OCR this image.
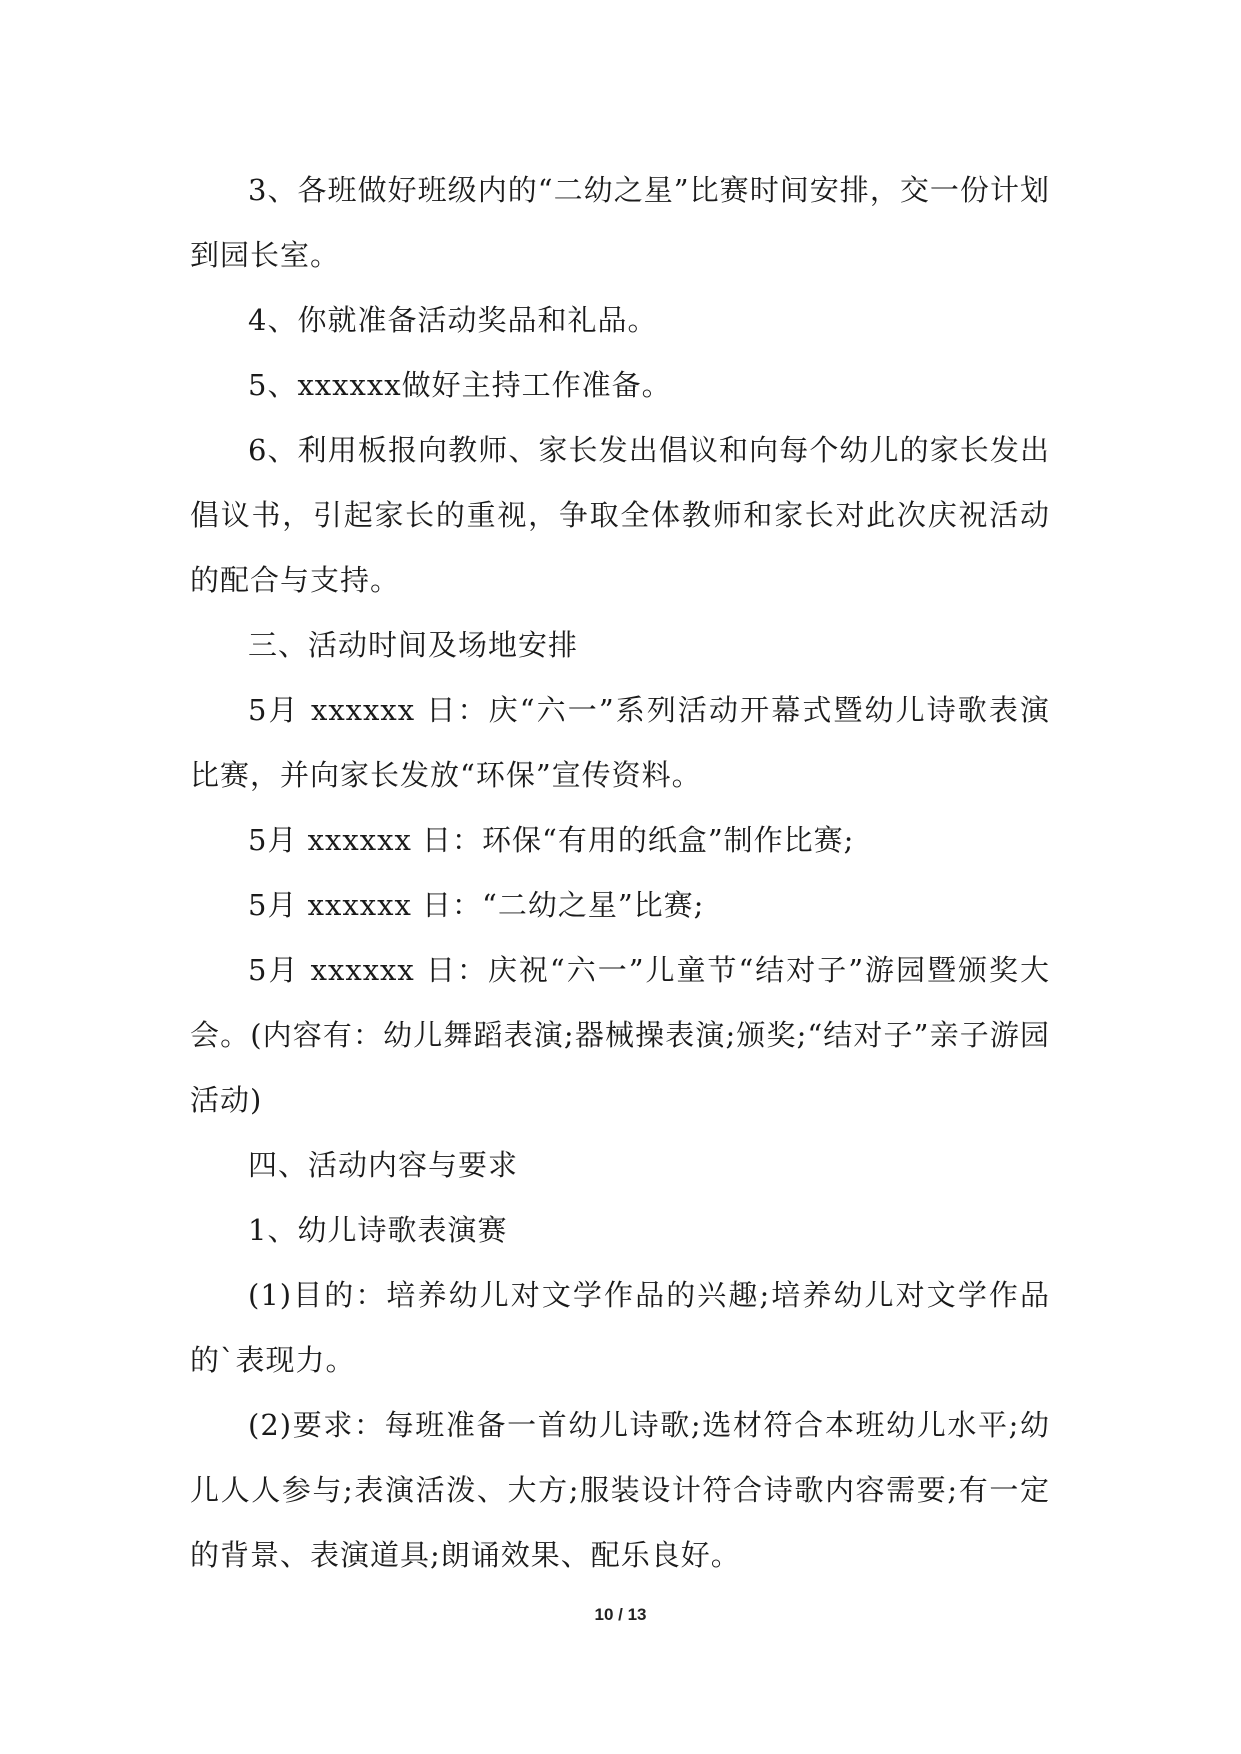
3、各班做好班级内的“二幼之星”比赛时间安排，交一份计划到园长室。

4、你就准备活动奖品和礼品。

5、xxxxxx做好主持工作准备。

6、利用板报向教师、家长发出倡议和向每个幼儿的家长发出倡议书，引起家长的重视，争取全体教师和家长对此次庆祝活动的配合与支持。

三、活动时间及场地安排

5月 xxxxxx 日：庆“六一”系列活动开幕式暨幼儿诗歌表演比赛，并向家长发放“环保”宣传资料。

5月 xxxxxx 日：环保“有用的纸盒”制作比赛;

5月 xxxxxx 日：“二幼之星”比赛;

5月 xxxxxx 日：庆祝“六一”儿童节“结对子”游园暨颁奖大会。(内容有：幼儿舞蹈表演;器械操表演;颁奖;“结对子”亲子游园活动)

四、活动内容与要求

1、幼儿诗歌表演赛

(1)目的：培养幼儿对文学作品的兴趣;培养幼儿对文学作品的`表现力。

(2)要求：每班准备一首幼儿诗歌;选材符合本班幼儿水平;幼儿人人参与;表演活泼、大方;服装设计符合诗歌内容需要;有一定的背景、表演道具;朗诵效果、配乐良好。

10 / 13
